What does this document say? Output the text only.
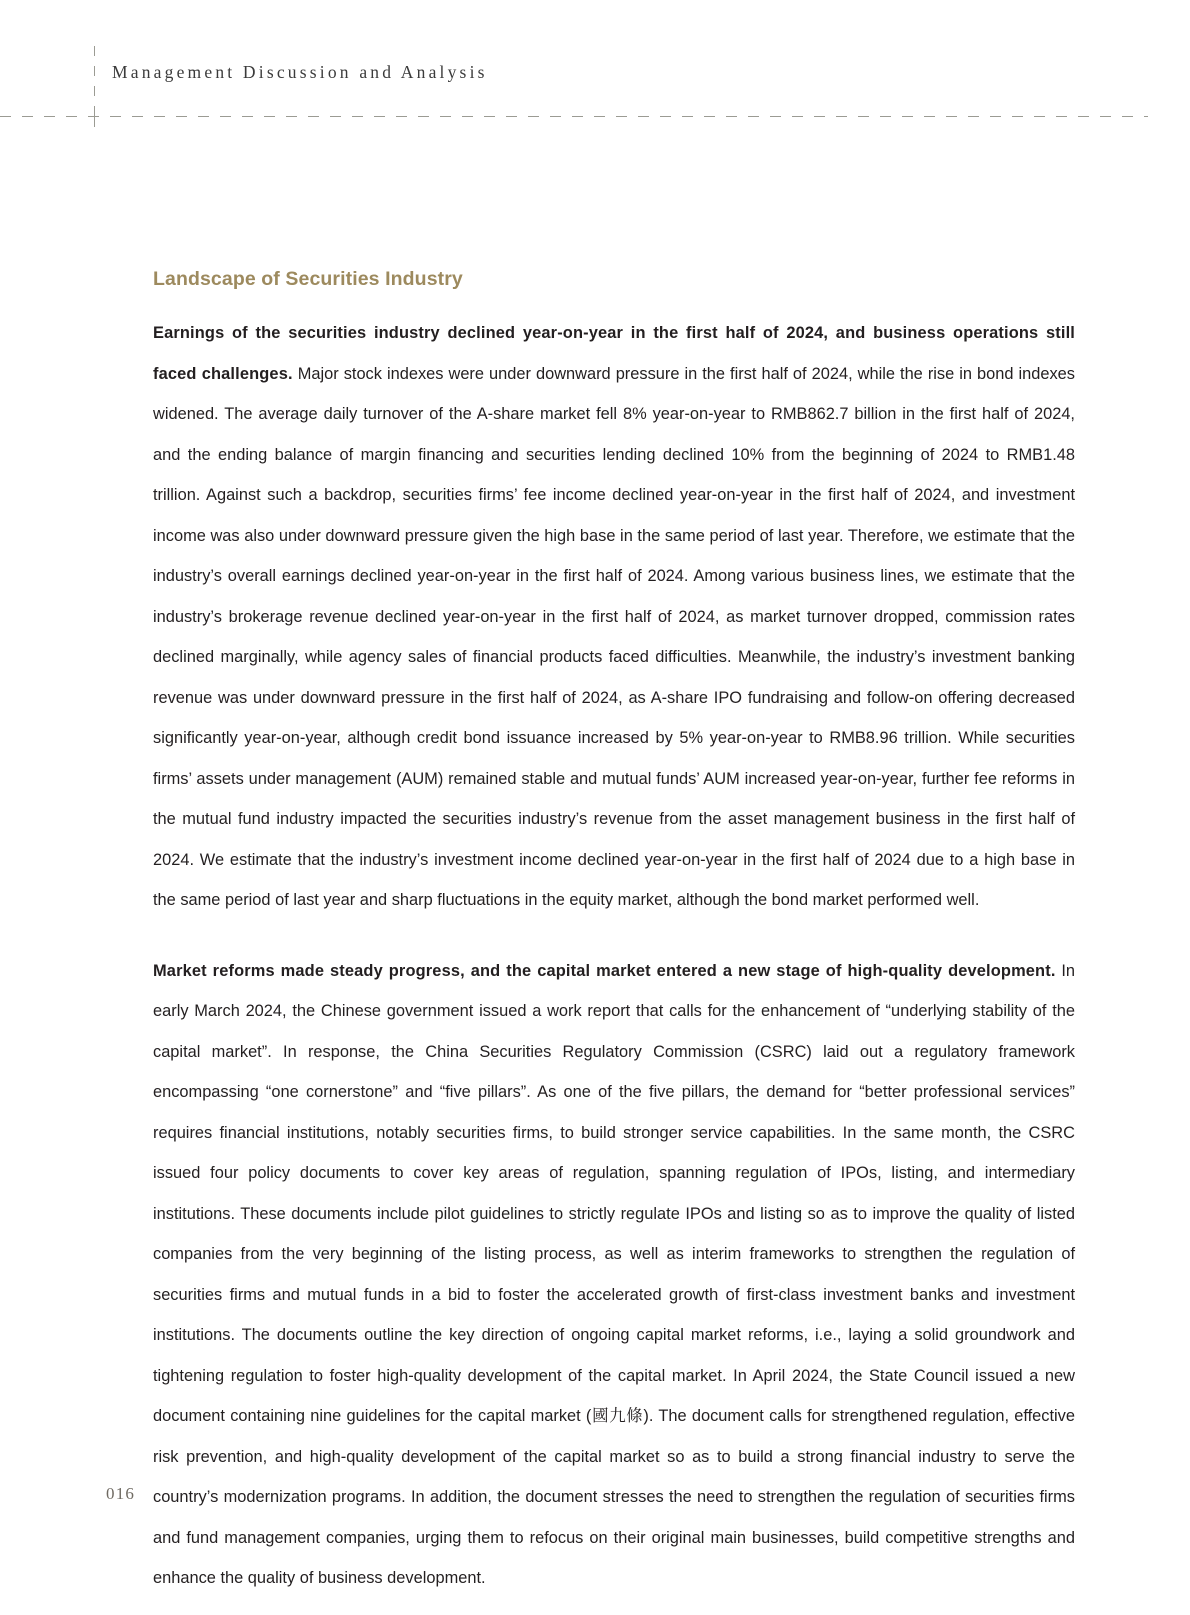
Management Discussion and Analysis
Landscape of Securities Industry

Earnings of the securities industry declined year-on-year in the first half of 2024, and business operations still faced challenges. Major stock indexes were under downward pressure in the first half of 2024, while the rise in bond indexes widened. The average daily turnover of the A-share market fell 8% year-on-year to RMB862.7 billion in the first half of 2024, and the ending balance of margin financing and securities lending declined 10% from the beginning of 2024 to RMB1.48 trillion. Against such a backdrop, securities firms’ fee income declined year-on-year in the first half of 2024, and investment income was also under downward pressure given the high base in the same period of last year. Therefore, we estimate that the industry’s overall earnings declined year-on-year in the first half of 2024. Among various business lines, we estimate that the industry’s brokerage revenue declined year-on-year in the first half of 2024, as market turnover dropped, commission rates declined marginally, while agency sales of financial products faced difficulties. Meanwhile, the industry’s investment banking revenue was under downward pressure in the first half of 2024, as A-share IPO fundraising and follow-on offering decreased significantly year-on-year, although credit bond issuance increased by 5% year-on-year to RMB8.96 trillion. While securities firms’ assets under management (AUM) remained stable and mutual funds’ AUM increased year-on-year, further fee reforms in the mutual fund industry impacted the securities industry’s revenue from the asset management business in the first half of 2024. We estimate that the industry’s investment income declined year-on-year in the first half of 2024 due to a high base in the same period of last year and sharp fluctuations in the equity market, although the bond market performed well.

Market reforms made steady progress, and the capital market entered a new stage of high-quality development. In early March 2024, the Chinese government issued a work report that calls for the enhancement of “underlying stability of the capital market”. In response, the China Securities Regulatory Commission (CSRC) laid out a regulatory framework encompassing “one cornerstone” and “five pillars”. As one of the five pillars, the demand for “better professional services” requires financial institutions, notably securities firms, to build stronger service capabilities. In the same month, the CSRC issued four policy documents to cover key areas of regulation, spanning regulation of IPOs, listing, and intermediary institutions. These documents include pilot guidelines to strictly regulate IPOs and listing so as to improve the quality of listed companies from the very beginning of the listing process, as well as interim frameworks to strengthen the regulation of securities firms and mutual funds in a bid to foster the accelerated growth of first-class investment banks and investment institutions. The documents outline the key direction of ongoing capital market reforms, i.e., laying a solid groundwork and tightening regulation to foster high-quality development of the capital market. In April 2024, the State Council issued a new document containing nine guidelines for the capital market (國九條). The document calls for strengthened regulation, effective risk prevention, and high-quality development of the capital market so as to build a strong financial industry to serve the country’s modernization programs. In addition, the document stresses the need to strengthen the regulation of securities firms and fund management companies, urging them to refocus on their original main businesses, build competitive strengths and enhance the quality of business development.

016
